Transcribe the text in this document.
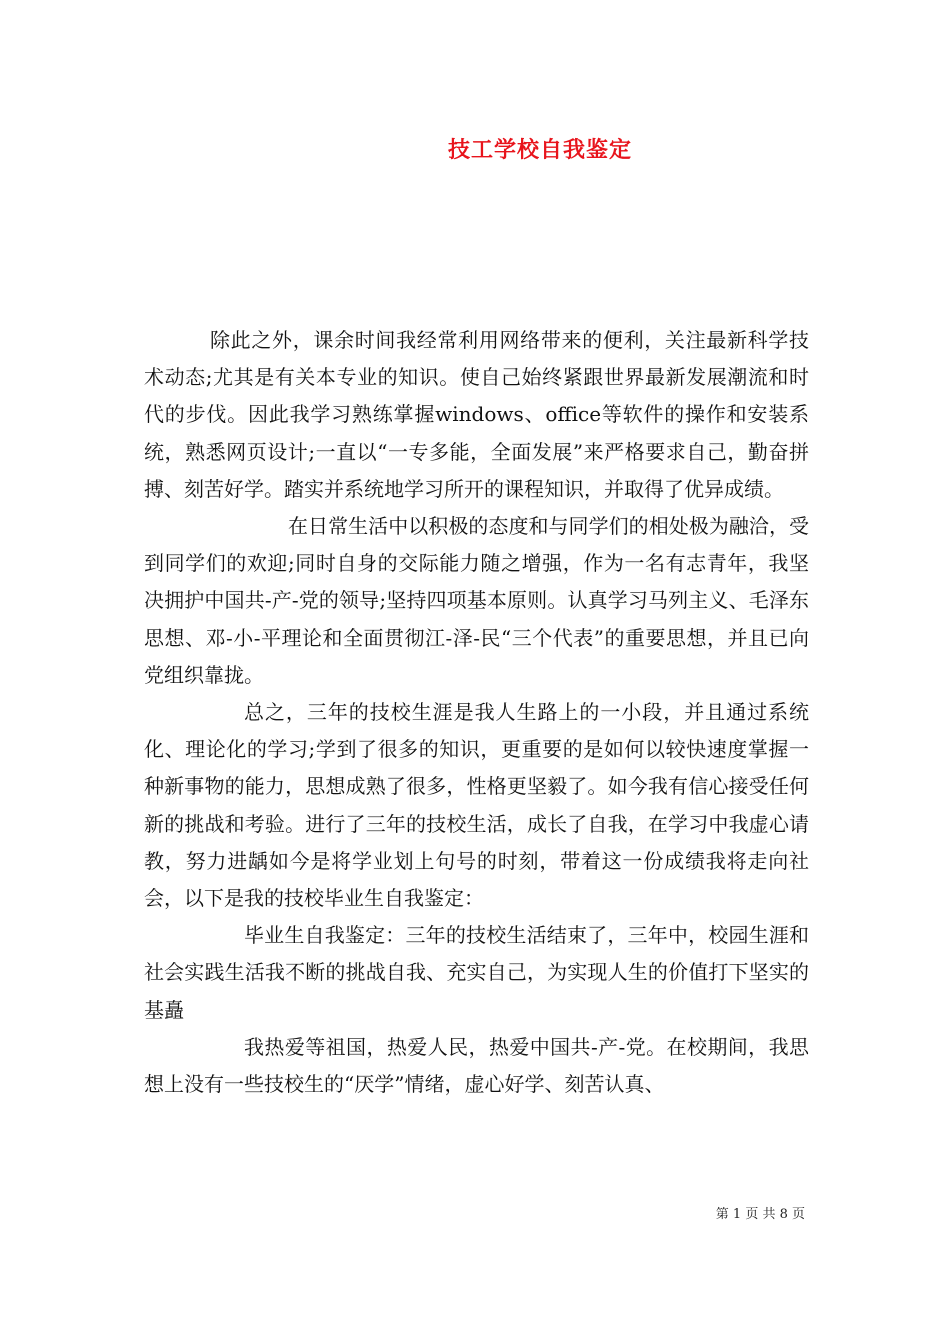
技工学校自我鉴定

除此之外，课余时间我经常利用网络带来的便利，关注最新科学技术动态;尤其是有关本专业的知识。使自己始终紧跟世界最新发展潮流和时代的步伐。因此我学习熟练掌握windows、office等软件的操作和安装系统，熟悉网页设计;一直以“一专多能，全面发展”来严格要求自己，勤奋拼搏、刻苦好学。踏实并系统地学习所开的课程知识，并取得了优异成绩。

在日常生活中以积极的态度和与同学们的相处极为融洽，受到同学们的欢迎;同时自身的交际能力随之增强，作为一名有志青年，我坚决拥护中国共-产-党的领导;坚持四项基本原则。认真学习马列主义、毛泽东思想、邓-小-平理论和全面贯彻江-泽-民“三个代表”的重要思想，并且已向党组织靠拢。

总之，三年的技校生涯是我人生路上的一小段，并且通过系统化、理论化的学习;学到了很多的知识，更重要的是如何以较快速度掌握一种新事物的能力，思想成熟了很多，性格更坚毅了。如今我有信心接受任何新的挑战和考验。进行了三年的技校生活，成长了自我，在学习中我虚心请教，努力进龋如今是将学业划上句号的时刻，带着这一份成绩我将走向社会，以下是我的技校毕业生自我鉴定：

毕业生自我鉴定：三年的技校生活结束了，三年中，校园生涯和社会实践生活我不断的挑战自我、充实自己，为实现人生的价值打下坚实的基矗

我热爱等祖国，热爱人民，热爱中国共-产-党。在校期间，我思想上没有一些技校生的“厌学”情绪，虚心好学、刻苦认真、

第 1 页 共 8 页
